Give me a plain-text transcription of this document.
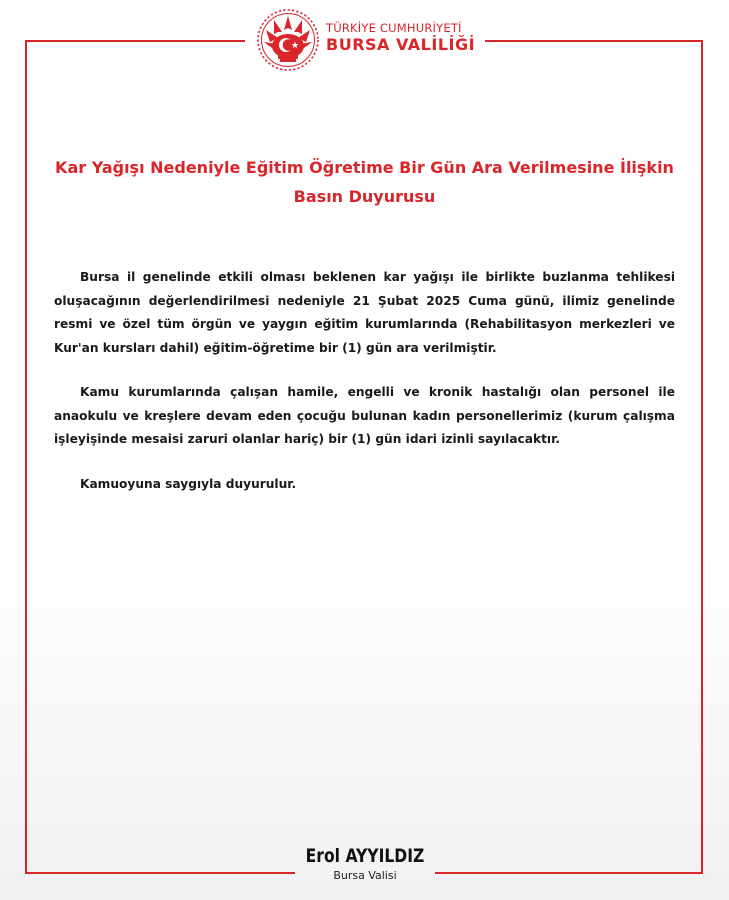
TÜRKİYE CUMHURİYETİ
BURSA VALİLİĞİ
Kar Yağışı Nedeniyle Eğitim Öğretime Bir Gün Ara Verilmesine İlişkin Basın Duyurusu

Bursa il genelinde etkili olması beklenen kar yağışı ile birlikte buzlanma tehlikesi oluşacağının değerlendirilmesi nedeniyle 21 Şubat 2025 Cuma günü, ilimiz genelinde resmi ve özel tüm örgün ve yaygın eğitim kurumlarında (Rehabilitasyon merkezleri ve Kur'an kursları dahil) eğitim-öğretime bir (1) gün ara verilmiştir.

Kamu kurumlarında çalışan hamile, engelli ve kronik hastalığı olan personel ile anaokulu ve kreşlere devam eden çocuğu bulunan kadın personellerimiz (kurum çalışma işleyişinde mesaisi zaruri olanlar hariç) bir (1) gün idari izinli sayılacaktır.

Kamuoyuna saygıyla duyurulur.

Erol AYYILDIZ
Bursa Valisi
